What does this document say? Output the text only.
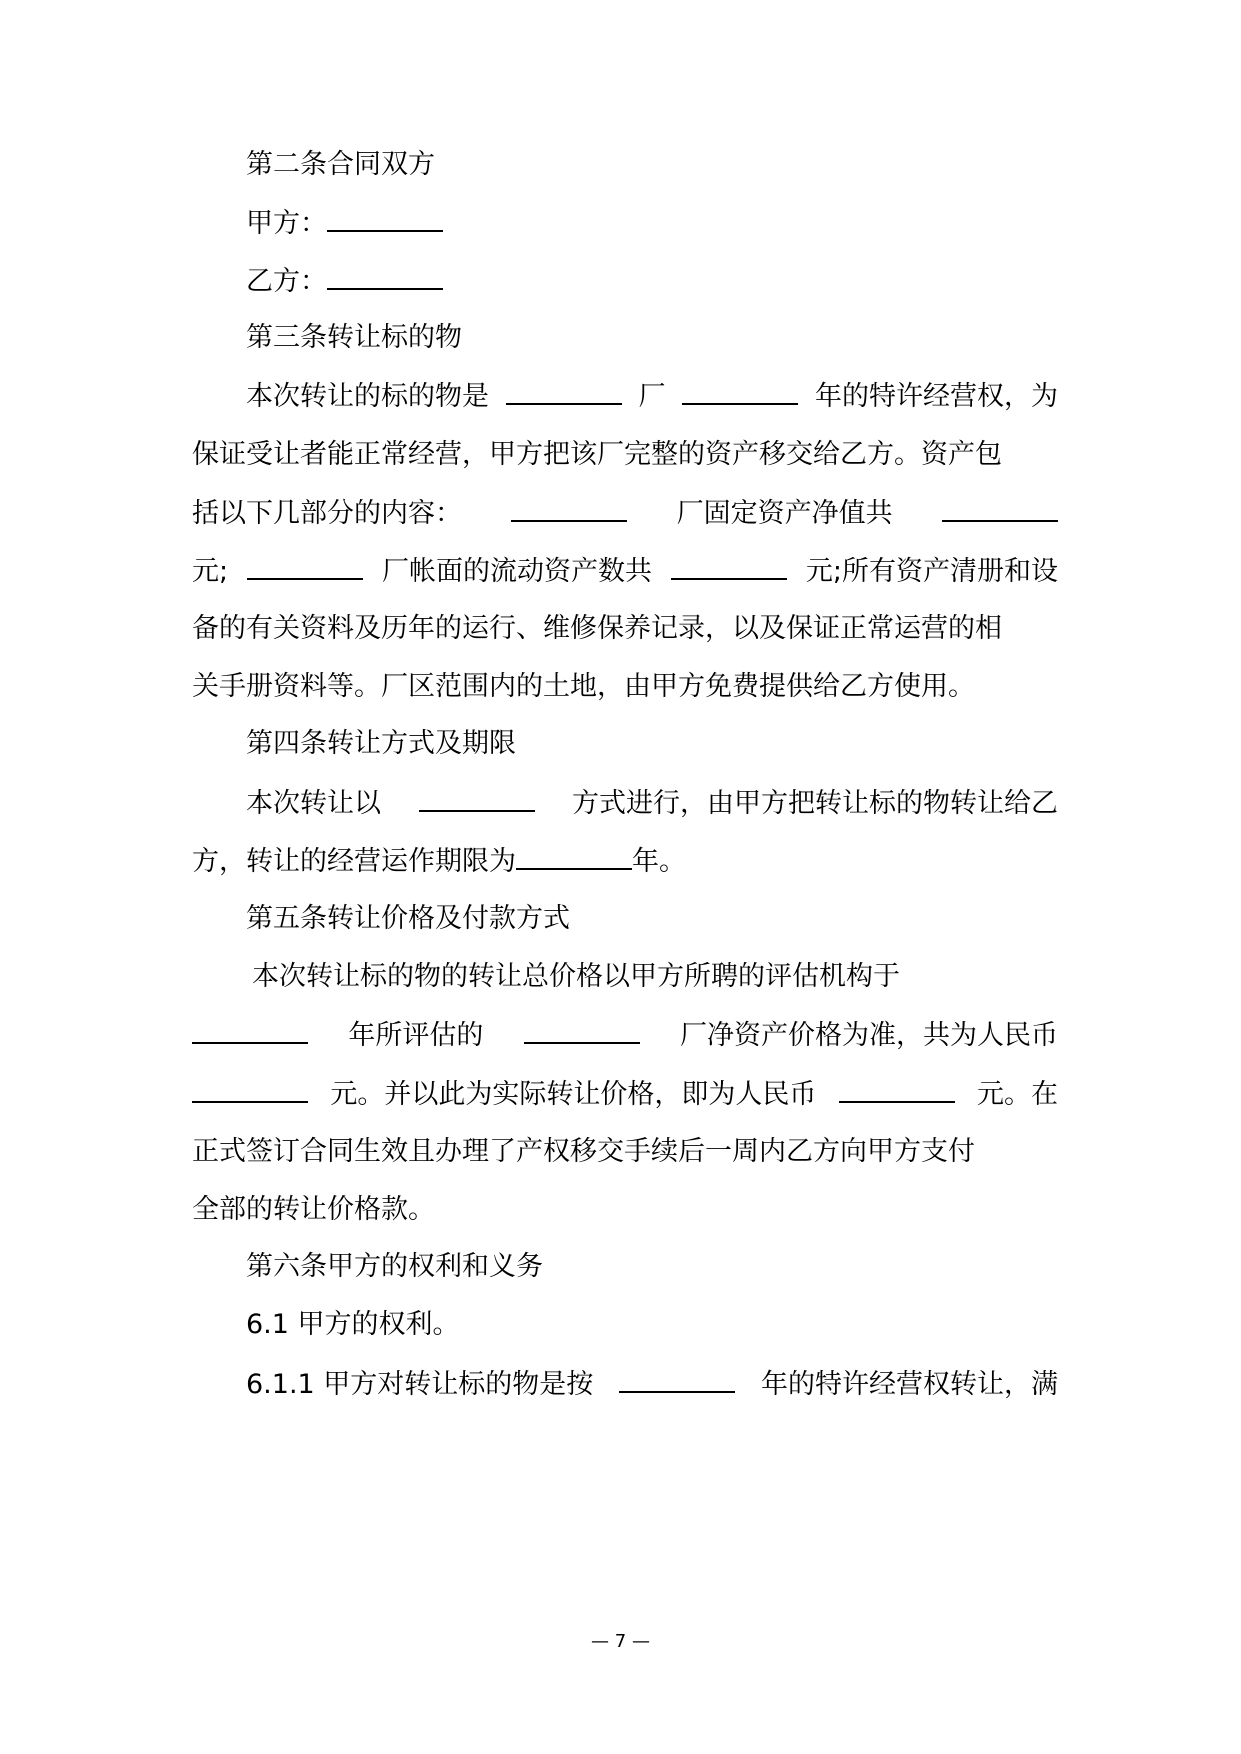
第二条合同双方
甲方：
乙方：
第三条转让标的物
本次转让的标的物是	厂	年的特许经营权，为
保证受让者能正常经营，甲方把该厂完整的资产移交给乙方。资产包
括以下几部分的内容：	厂固定资产净值共
元;	厂帐面的流动资产数共	元;所有资产清册和设
备的有关资料及历年的运行、维修保养记录，以及保证正常运营的相
关手册资料等。厂区范围内的土地，由甲方免费提供给乙方使用。
第四条转让方式及期限
本次转让以	方式进行，由甲方把转让标的物转让给乙
方，转让的经营运作期限为	年。
第五条转让价格及付款方式
本次转让标的物的转让总价格以甲方所聘的评估机构于
年所评估的	厂净资产价格为准，共为人民币
元。并以此为实际转让价格，即为人民币	元。在
正式签订合同生效且办理了产权移交手续后一周内乙方向甲方支付
全部的转让价格款。
第六条甲方的权利和义务
6.1 甲方的权利。
6.1.1 甲方对转让标的物是按	年的特许经营权转让，满
— 7 —
